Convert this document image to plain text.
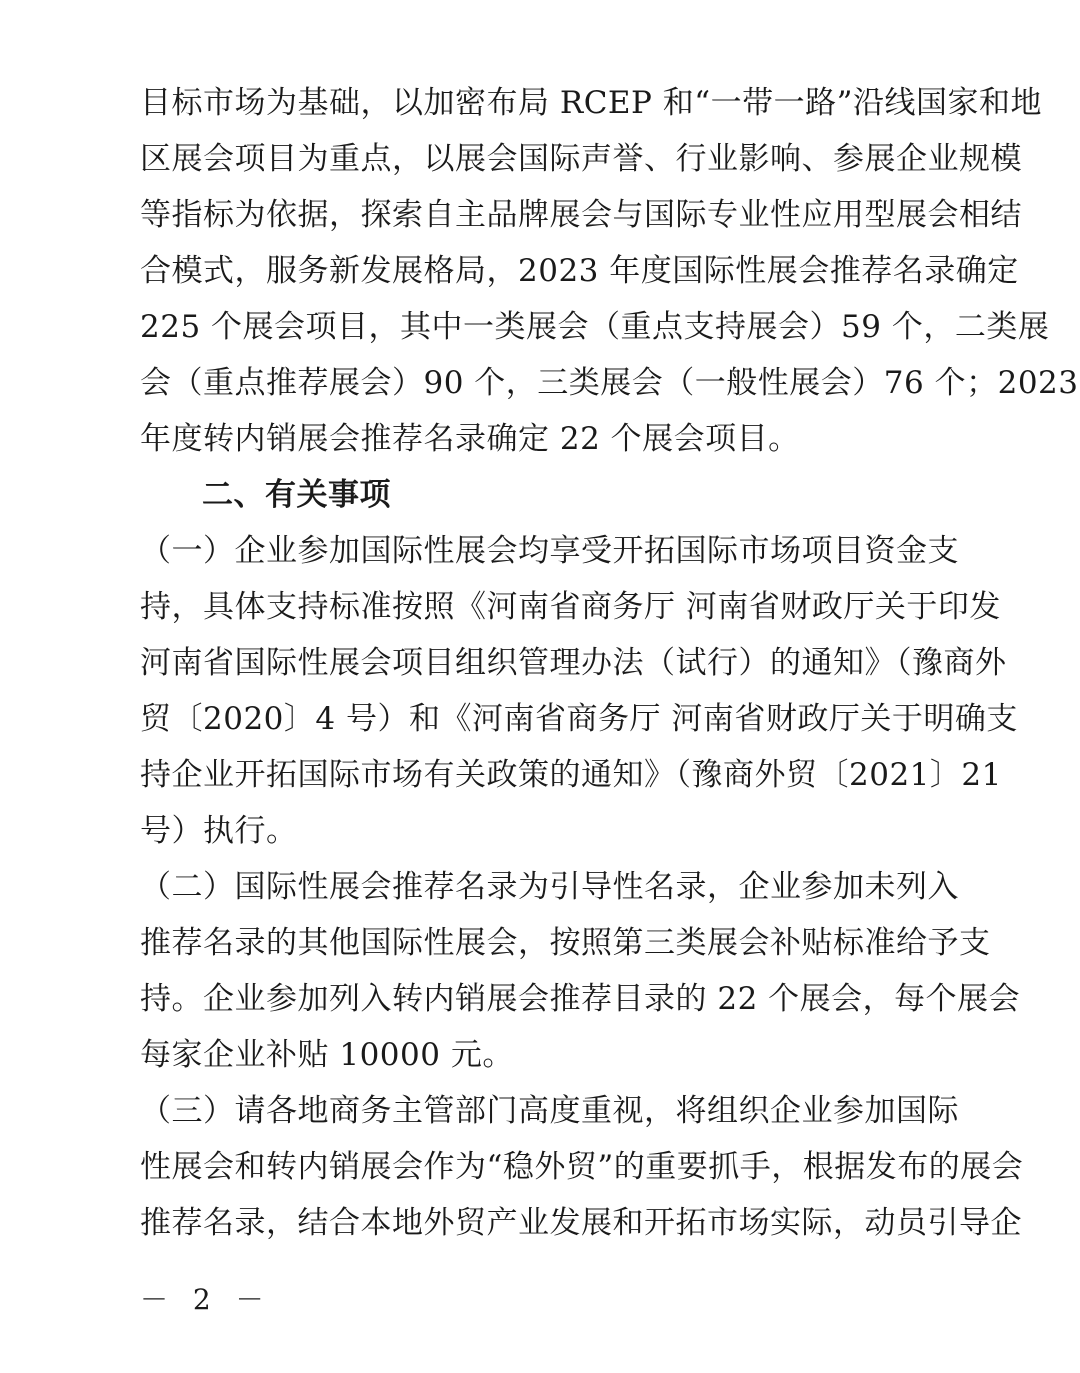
目标市场为基础，以加密布局 RCEP 和“一带一路”沿线国家和地
区展会项目为重点，以展会国际声誉、行业影响、参展企业规模
等指标为依据，探索自主品牌展会与国际专业性应用型展会相结
合模式，服务新发展格局，2023 年度国际性展会推荐名录确定
225 个展会项目，其中一类展会（重点支持展会）59 个，二类展
会（重点推荐展会）90 个，三类展会（一般性展会）76 个；2023
年度转内销展会推荐名录确定 22 个展会项目。
二、有关事项
（一）企业参加国际性展会均享受开拓国际市场项目资金支
持，具体支持标准按照《河南省商务厅 河南省财政厅关于印发
河南省国际性展会项目组织管理办法（试行）的通知》（豫商外
贸〔2020〕4 号）和《河南省商务厅 河南省财政厅关于明确支
持企业开拓国际市场有关政策的通知》（豫商外贸〔2021〕21
号）执行。
（二）国际性展会推荐名录为引导性名录，企业参加未列入
推荐名录的其他国际性展会，按照第三类展会补贴标准给予支
持。企业参加列入转内销展会推荐目录的 22 个展会，每个展会
每家企业补贴 10000 元。
（三）请各地商务主管部门高度重视，将组织企业参加国际
性展会和转内销展会作为“稳外贸”的重要抓手，根据发布的展会
推荐名录，结合本地外贸产业发展和开拓市场实际，动员引导企
－ 2 －
